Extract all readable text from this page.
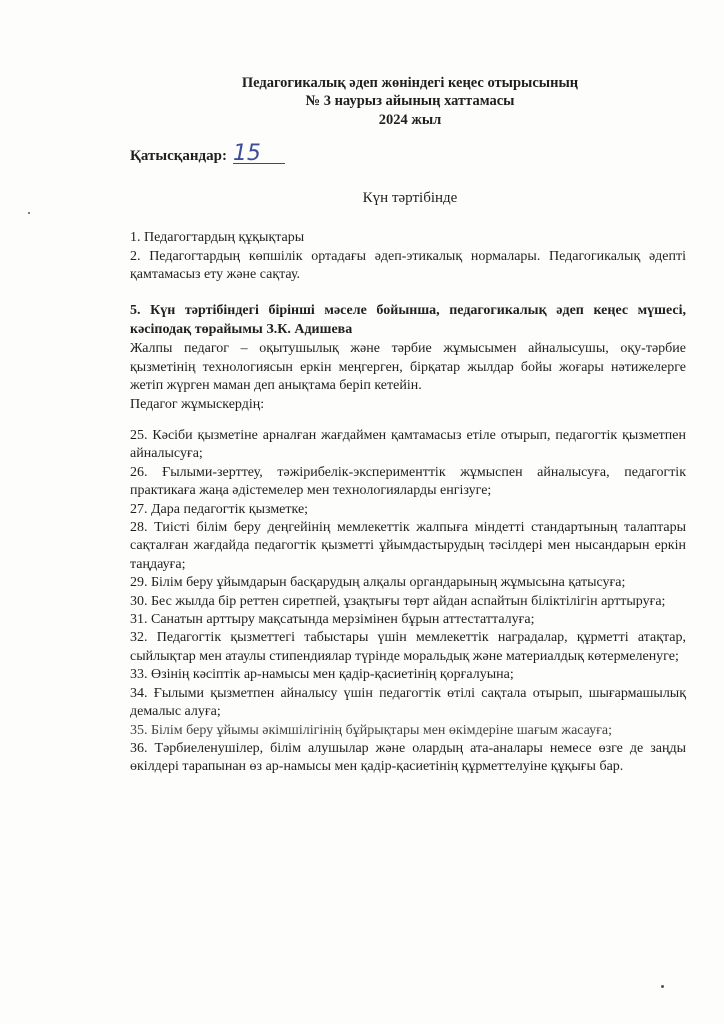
Педагогикалық әдеп жөніндегі кеңес отырысының
№ 3 наурыз айының хаттамасы
2024 жыл
Қатысқандар: 15
Күн тәртібінде
1. Педагогтардың құқықтары
2. Педагогтардың көпшілік ортадағы әдеп-этикалық нормалары. Педагогикалық әдепті қамтамасыз ету және сақтау.
5. Күн тәртібіндегі бірінші мәселе бойынша, педагогикалық әдеп кеңес мүшесі, кәсіподақ төрайымы З.К. Адишева
Жалпы педагог – оқытушылық және тәрбие жұмысымен айналысушы, оқу-тәрбие қызметінің технологиясын еркін меңгерген, бірқатар жылдар бойы жоғары нәтижелерге жетіп жүрген маман деп анықтама беріп кетейін.
Педагог жұмыскердің:
25. Кәсіби қызметіне арналған жағдаймен қамтамасыз етіле отырып, педагогтік қызметпен айналысуға;
26. Ғылыми-зерттеу, тәжірибелік-эксперименттік жұмыспен айналысуға, педагогтік практикаға жаңа әдістемелер мен технологияларды енгізуге;
27. Дара педагогтік қызметке;
28. Тиісті білім беру деңгейінің мемлекеттік жалпыға міндетті стандартының талаптары сақталған жағдайда педагогтік қызметті ұйымдастырудың тәсілдері мен нысандарын еркін таңдауға;
29. Білім беру ұйымдарын басқарудың алқалы органдарының жұмысына қатысуға;
30. Бес жылда бір реттен сиретпей, ұзақтығы төрт айдан аспайтын біліктілігін арттыруға;
31. Санатын арттыру мақсатында мерзімінен бұрын аттестатталуға;
32. Педагогтік қызметтегі табыстары үшін мемлекеттік наградалар, құрметті атақтар, сыйлықтар мен атаулы стипендиялар түрінде моральдық және материалдық көтермеленуге;
33. Өзінің кәсіптік ар-намысы мен қадір-қасиетінің қорғалуына;
34. Ғылыми қызметпен айналысу үшін педагогтік өтілі сақтала отырып, шығармашылық демалыс алуға;
35. Білім беру ұйымы әкімшілігінің бұйрықтары мен өкімдеріне шағым жасауға;
36. Тәрбиеленушілер, білім алушылар және олардың ата-аналары немесе өзге де заңды өкілдері тарапынан өз ар-намысы мен қадір-қасиетінің құрметтелуіне құқығы бар.
